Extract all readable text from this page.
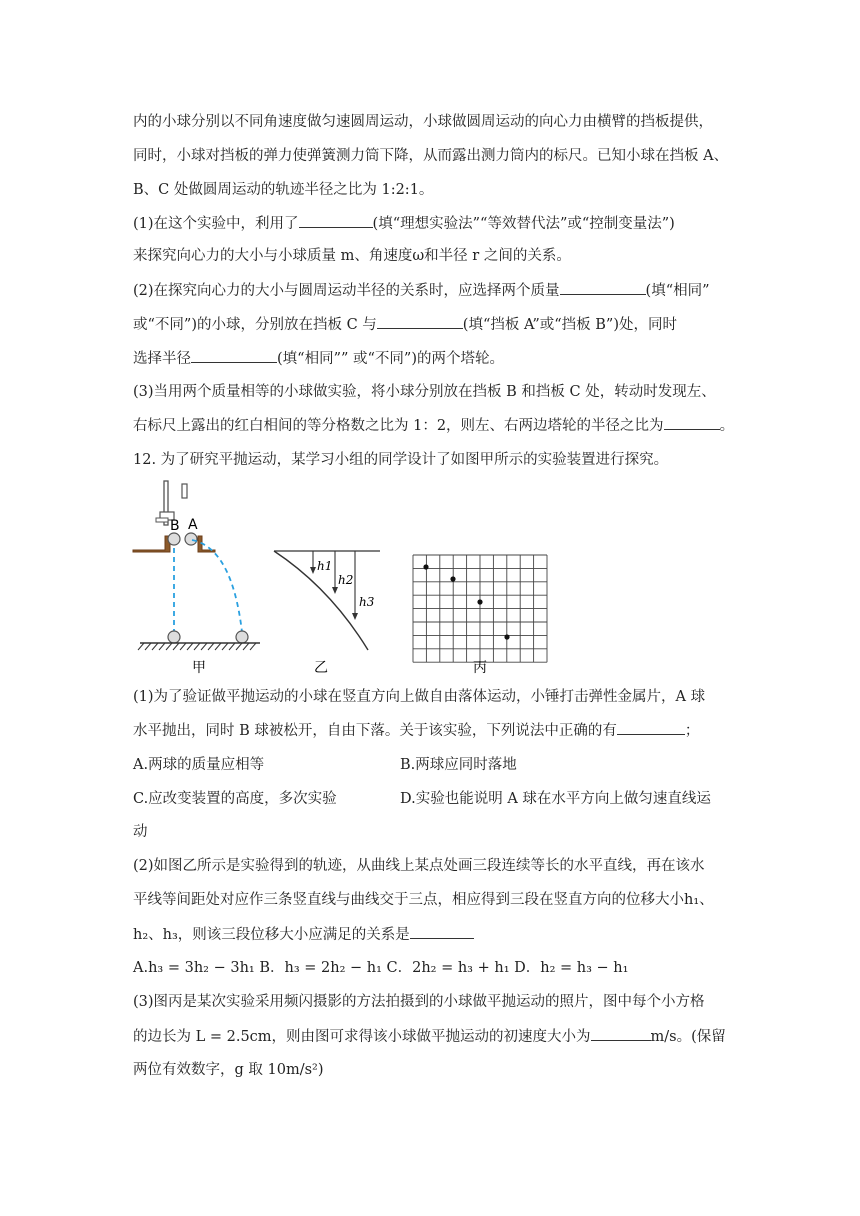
内的小球分别以不同角速度做匀速圆周运动，小球做圆周运动的向心力由横臂的挡板提供，
同时，小球对挡板的弹力使弹簧测力筒下降，从而露出测力筒内的标尺。已知小球在挡板 A、
B、C 处做圆周运动的轨迹半径之比为 1:2:1。
(1)在这个实验中，利用了	(填“理想实验法”“等效替代法”或“控制变量法”)
来探究向心力的大小与小球质量 m、角速度ω和半径 r 之间的关系。
(2)在探究向心力的大小与圆周运动半径的关系时，应选择两个质量	(填“相同”
或“不同”)的小球，分别放在挡板 C 与	(填“挡板 A”或“挡板 B”)处，同时
选择半径	(填“相同”” 或“不同”)的两个塔轮。
(3)当用两个质量相等的小球做实验，将小球分别放在挡板 B 和挡板 C 处，转动时发现左、
右标尺上露出的红白相间的等分格数之比为 1：2，则左、右两边塔轮的半径之比为	。
12. 为了研究平抛运动，某学习小组的同学设计了如图甲所示的实验装置进行探究。
B A
甲
h1
h2
h3
乙	丙
(1)为了验证做平抛运动的小球在竖直方向上做自由落体运动，小锤打击弹性金属片，A 球
水平抛出，同时 B 球被松开，自由下落。关于该实验，下列说法中正确的有	；
A.两球的质量应相等	B.两球应同时落地
C.应改变装置的高度，多次实验	D.实验也能说明 A 球在水平方向上做匀速直线运
动
(2)如图乙所示是实验得到的轨迹，从曲线上某点处画三段连续等长的水平直线，再在该水
平线等间距处对应作三条竖直线与曲线交于三点，相应得到三段在竖直方向的位移大小h₁、
h₂、h₃，则该三段位移大小应满足的关系是
A.h₃ = 3h₂ − 3h₁ B．h₃ = 2h₂ − h₁ C．2h₂ = h₃ + h₁ D．h₂ = h₃ − h₁
(3)图丙是某次实验采用频闪摄影的方法拍摄到的小球做平抛运动的照片，图中每个小方格
的边长为 L = 2.5cm，则由图可求得该小球做平抛运动的初速度大小为	m/s。(保留
两位有效数字，g 取 10m/s²)
